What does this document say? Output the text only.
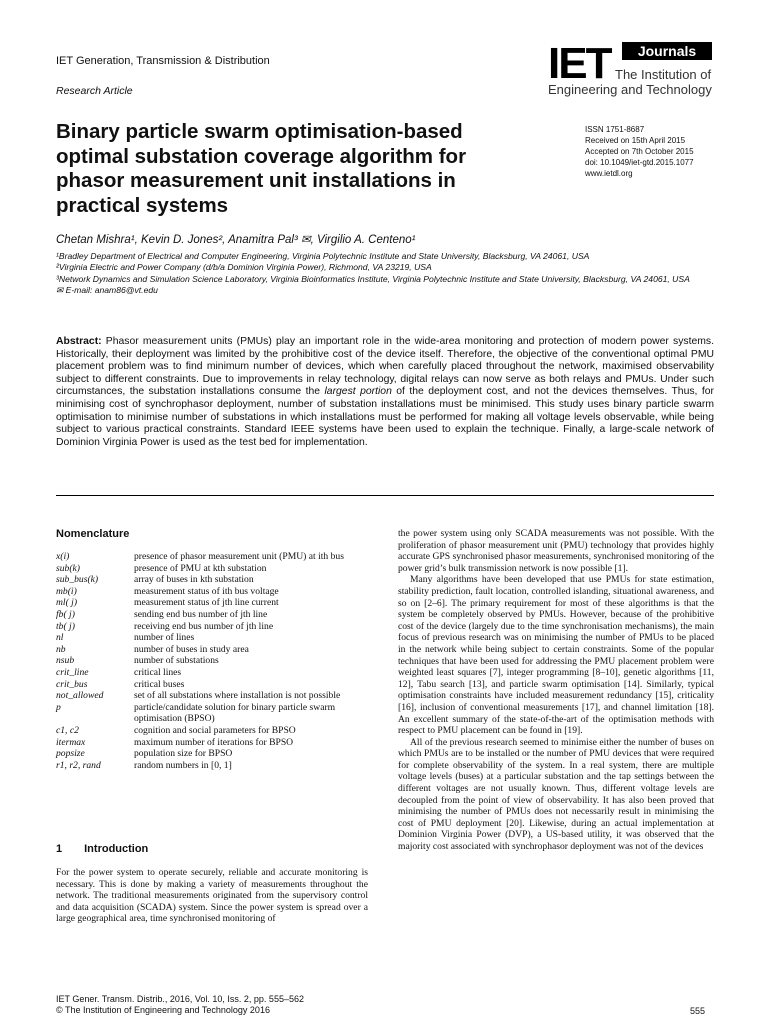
IET Generation, Transmission & Distribution
Research Article
IET	Journals
The Institution of
Engineering and Technology
Binary particle swarm optimisation-based optimal substation coverage algorithm for phasor measurement unit installations in practical systems
ISSN 1751-8687
Received on 15th April 2015
Accepted on 7th October 2015
doi: 10.1049/iet-gtd.2015.1077
www.ietdl.org
Chetan Mishra¹, Kevin D. Jones², Anamitra Pal³ ✉, Virgilio A. Centeno¹
¹Bradley Department of Electrical and Computer Engineering, Virginia Polytechnic Institute and State University, Blacksburg, VA 24061, USA
²Virginia Electric and Power Company (d/b/a Dominion Virginia Power), Richmond, VA 23219, USA
³Network Dynamics and Simulation Science Laboratory, Virginia Bioinformatics Institute, Virginia Polytechnic Institute and State University, Blacksburg, VA 24061, USA
✉ E-mail: anam86@vt.edu
Abstract: Phasor measurement units (PMUs) play an important role in the wide-area monitoring and protection of modern power systems. Historically, their deployment was limited by the prohibitive cost of the device itself. Therefore, the objective of the conventional optimal PMU placement problem was to find minimum number of devices, which when carefully placed throughout the network, maximised observability subject to different constraints. Due to improvements in relay technology, digital relays can now serve as both relays and PMUs. Under such circumstances, the substation installations consume the largest portion of the deployment cost, and not the devices themselves. Thus, for minimising cost of synchrophasor deployment, number of substation installations must be minimised. This study uses binary particle swarm optimisation to minimise number of substations in which installations must be performed for making all voltage levels observable, while being subject to various practical constraints. Standard IEEE systems have been used to explain the technique. Finally, a large-scale network of Dominion Virginia Power is used as the test bed for implementation.
Nomenclature
x(i)	presence of phasor measurement unit (PMU) at ith bus
sub(k)	presence of PMU at kth substation
sub_bus(k)	array of buses in kth substation
mb(i)	measurement status of ith bus voltage
ml( j)	measurement status of jth line current
fb( j)	sending end bus number of jth line
tb( j)	receiving end bus number of jth line
nl	number of lines
nb	number of buses in study area
nsub	number of substations
crit_line	critical lines
crit_bus	critical buses
not_allowed	set of all substations where installation is not possible
p	particle/candidate solution for binary particle swarm optimisation (BPSO)
c1, c2	cognition and social parameters for BPSO
itermax	maximum number of iterations for BPSO
popsize	population size for BPSO
r1, r2, rand	random numbers in [0, 1]
1 Introduction

For the power system to operate securely, reliable and accurate monitoring is necessary. This is done by making a variety of measurements throughout the network. The traditional measurements originated from the supervisory control and data acquisition (SCADA) system. Since the power system is spread over a large geographical area, time synchronised monitoring of

the power system using only SCADA measurements was not possible. With the proliferation of phasor measurement unit (PMU) technology that provides highly accurate GPS synchronised phasor measurements, synchronised monitoring of the power grid’s bulk transmission network is now possible [1].

Many algorithms have been developed that use PMUs for state estimation, stability prediction, fault location, controlled islanding, situational awareness, and so on [2–6]. The primary requirement for most of these algorithms is that the system be completely observed by PMUs. However, because of the prohibitive cost of the device (largely due to the time synchronisation mechanisms), the main focus of previous research was on minimising the number of PMUs to be placed in the network while being subject to certain constraints. Some of the popular techniques that have been used for addressing the PMU placement problem were weighted least squares [7], integer programming [8–10], genetic algorithms [11, 12], Tabu search [13], and particle swarm optimisation [14]. Similarly, typical optimisation constraints have included measurement redundancy [15], criticality [16], inclusion of conventional measurements [17], and channel limitation [18]. An excellent summary of the state-of-the-art of the optimisation methods with respect to PMU placement can be found in [19].

All of the previous research seemed to minimise either the number of buses on which PMUs are to be installed or the number of PMU devices that were required for complete observability of the system. In a real system, there are multiple voltage levels (buses) at a particular substation and the tap settings between the different voltages are not usually known. Thus, different voltage levels are decoupled from the point of view of observability. It has also been proved that minimising the number of PMUs does not necessarily result in minimising the cost of PMU deployment [20]. Likewise, during an actual implementation at Dominion Virginia Power (DVP), a US-based utility, it was observed that the majority cost associated with synchrophasor deployment was not of the devices

IET Gener. Transm. Distrib., 2016, Vol. 10, Iss. 2, pp. 555–562
© The Institution of Engineering and Technology 2016	555
